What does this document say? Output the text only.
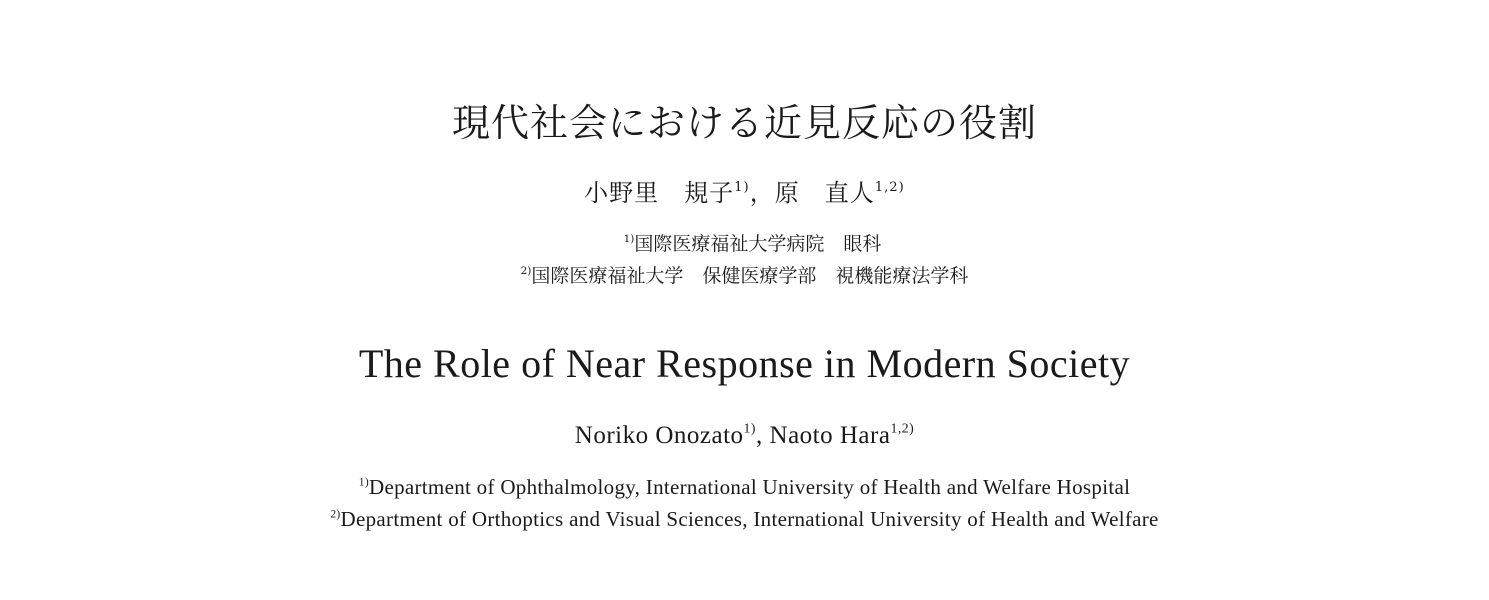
現代社会における近見反応の役割
小野里　規子$^{1)}$，原　直人$^{1,2)}$
$^{1)}$国際医療福祉大学病院　眼科
$^{2)}$国際医療福祉大学　保健医療学部　視機能療法学科
The Role of Near Response in Modern Society
Noriko Onozato$^{1)}$, Naoto Hara$^{1,2)}$
$^{1)}$Department of Ophthalmology, International University of Health and Welfare Hospital
$^{2)}$Department of Orthoptics and Visual Sciences, International University of Health and Welfare
